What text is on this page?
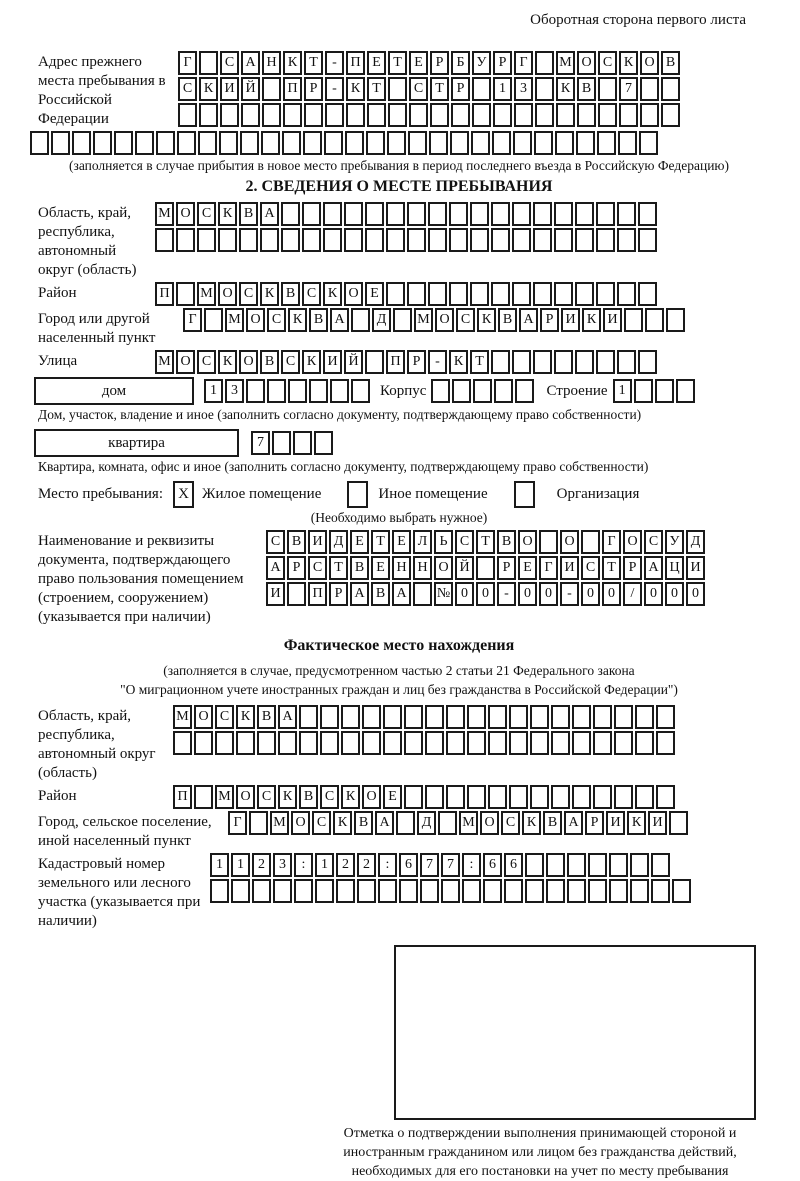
Оборотная сторона первого листа
Адрес прежнего места пребывания в Российской Федерации
Г	С А Н К Т	- П Е Т Е Р Б У Р Г	М О С К О В
С К И Й	П Р	-	К Т	С Т Р	1	3	К В	7
(заполняется в случае прибытия в новое место пребывания в период последнего въезда в Российскую Федерацию)
2. СВЕДЕНИЯ О МЕСТЕ ПРЕБЫВАНИЯ
Область, край, республика, автономный округ (область)
М О С К В А
Район	П	М О С К В С К О Е
Город или другой населенный пункт
Г	М О С К В А	Д	М О С К В А Р И К И
Улица	М О С К О В С К И Й	П Р	-	К Т
дом	1	3	Корпус	Строение 1
Дом, участок, владение и иное (заполнить согласно документу, подтверждающему право собственности)
квартира	7
Квартира, комната, офис и иное (заполнить согласно документу, подтверждающему право собственности)
Место пребывания:	X Жилое помещение	Иное помещение	Организация
(Необходимо выбрать нужное)
Наименование и реквизиты документа, подтверждающего право пользования помещением (строением, сооружением) (указывается при наличии)
С В И Д Е Т Е Л Ь С Т В О	О	Г О С У Д
А Р С Т В Е Н Н О Й	Р Е Г И С Т Р А Ц И
И	П Р А В А	№ 0	0	-	0	0	-	0	0	/	0	0	0
Фактическое место нахождения
(заполняется в случае, предусмотренном частью 2 статьи 21 Федерального закона
"О миграционном учете иностранных граждан и лиц без гражданства в Российской Федерации")
Область, край, республика, автономный округ (область)
М О С К В А
Район	П	М О С К В С К О Е
Город, сельское поселение, иной населенный пункт
Г	М О С К В А	Д	М О С К В А Р И К И
Кадастровый номер земельного или лесного участка (указывается при наличии)
1	1	2	3	:	1	2	2	:	6	7	7	:	6	6
Отметка о подтверждении выполнения принимающей стороной и иностранным гражданином или лицом без гражданства действий, необходимых для его постановки на учет по месту пребывания
